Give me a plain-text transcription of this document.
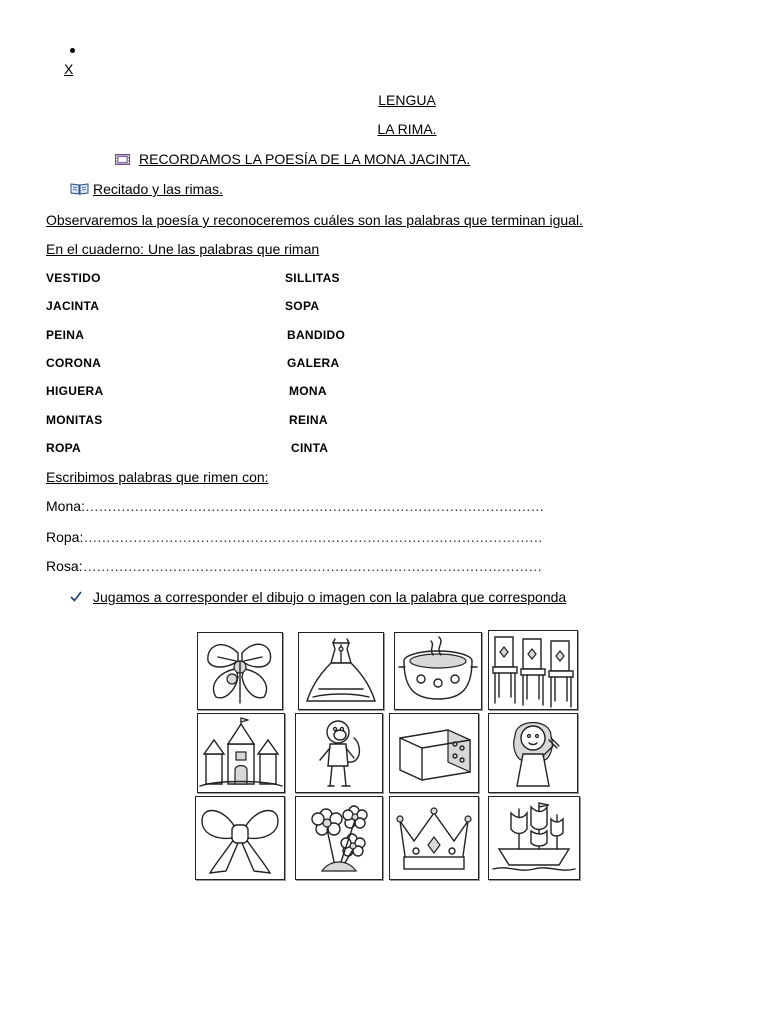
X
LENGUA
LA RIMA.
RECORDAMOS LA POESÍA DE LA MONA JACINTA.
Recitado y las rimas.
Observaremos la poesía y reconoceremos cuáles son las palabras que terminan igual.
En el cuaderno: Une las palabras que riman
VESTIDO	SILLITAS
JACINTA	SOPA
PEINA	BANDIDO
CORONA	GALERA
HIGUERA	MONA
MONITAS	REINA
ROPA	CINTA
Escribimos palabras que rimen con:
Mona:…………………………………………………………………………………………
Ropa:…………………………………………………………………………………………
Rosa:…………………………………………………………………………………………
Jugamos a corresponder el dibujo o imagen con la palabra que corresponda
